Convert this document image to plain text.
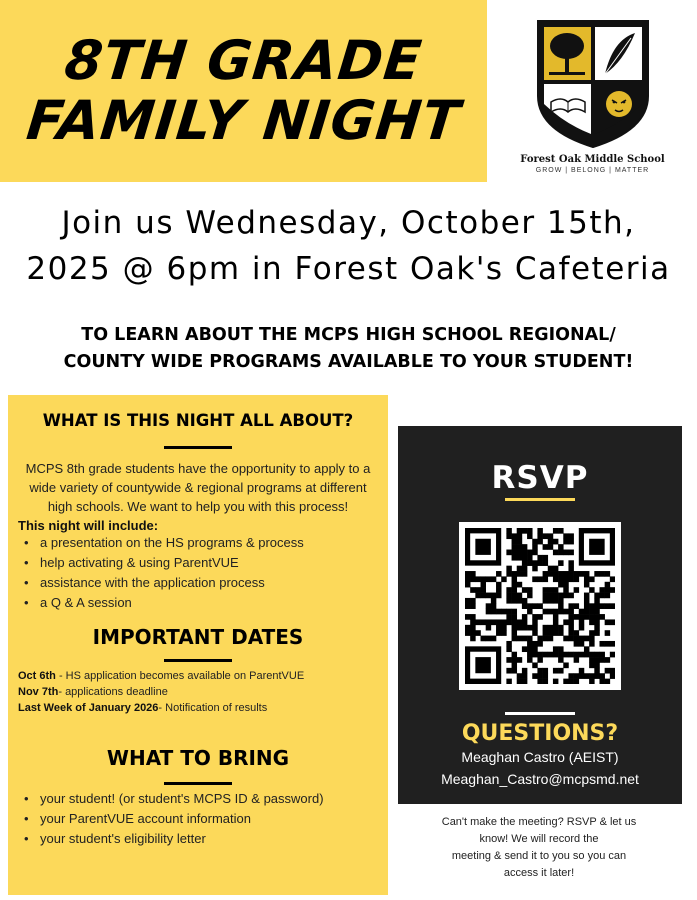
8TH GRADE
FAMILY NIGHT
Forest Oak Middle School
GROW | BELONG | MATTER
Join us Wednesday, October 15th,
2025 @ 6pm in Forest Oak's Cafeteria
TO LEARN ABOUT THE MCPS HIGH SCHOOL REGIONAL/
COUNTY WIDE PROGRAMS AVAILABLE TO YOUR STUDENT!
WHAT IS THIS NIGHT ALL ABOUT?

MCPS 8th grade students have the opportunity to apply to a wide variety of countywide & regional programs at different high schools. We want to help you with this process!

This night will include:
• a presentation on the HS programs & process
• help activating & using ParentVUE
• assistance with the application process
• a Q & A session
IMPORTANT DATES
Oct 6th - HS application becomes available on ParentVUE
Nov 7th- applications deadline
Last Week of January 2026- Notification of results
WHAT TO BRING
• your student! (or student's MCPS ID & password)
• your ParentVUE account information
• your student's eligibility letter
RSVP
QUESTIONS?
Meaghan Castro (AEIST)
Meaghan_Castro@mcpsmd.net
Can't make the meeting? RSVP & let us
know! We will record the
meeting & send it to you so you can
access it later!
